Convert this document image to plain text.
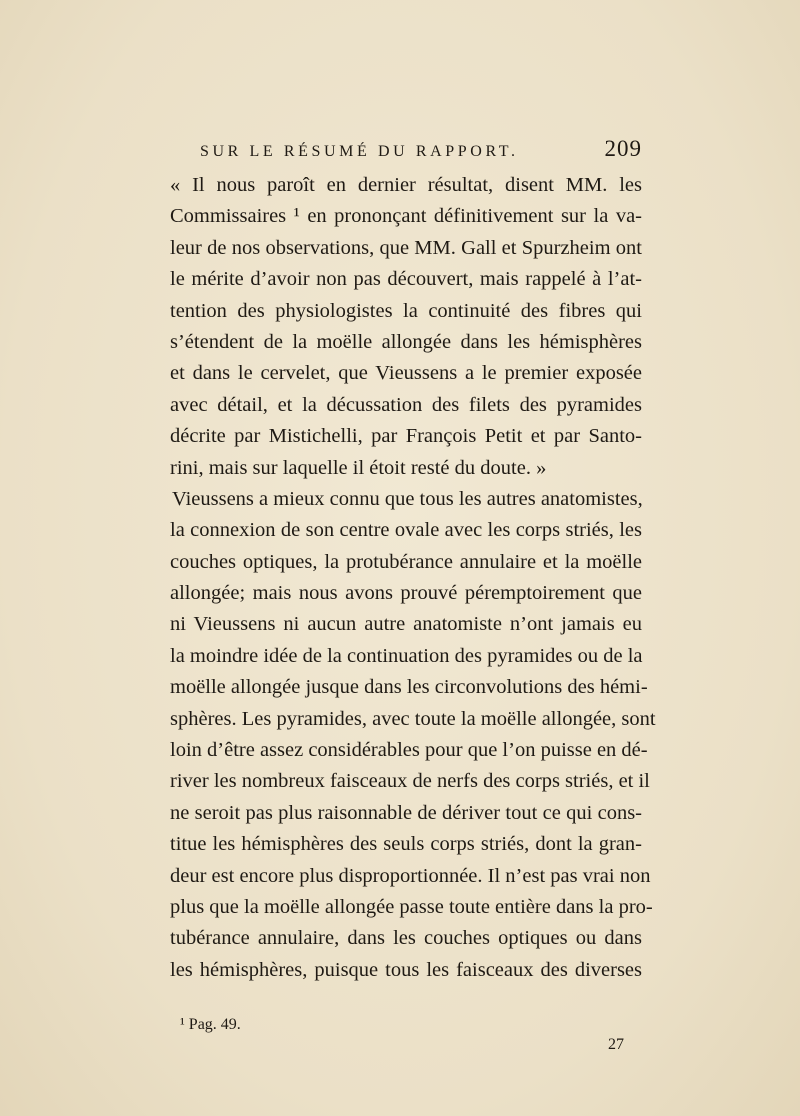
SUR LE RÉSUMÉ DU RAPPORT.	209
« Il nous paroît en dernier résultat, disent MM. les
Commissaires ¹ en prononçant définitivement sur la va-
leur de nos observations, que MM. Gall et Spurzheim ont
le mérite d’avoir non pas découvert, mais rappelé à l’at-
tention des physiologistes la continuité des fibres qui
s’étendent de la moëlle allongée dans les hémisphères
et dans le cervelet, que Vieussens a le premier exposée
avec détail, et la décussation des filets des pyramides
décrite par Mistichelli, par François Petit et par Santo-
rini, mais sur laquelle il étoit resté du doute. »
Vieussens a mieux connu que tous les autres anatomistes,
la connexion de son centre ovale avec les corps striés, les
couches optiques, la protubérance annulaire et la moëlle
allongée; mais nous avons prouvé péremptoirement que
ni Vieussens ni aucun autre anatomiste n’ont jamais eu
la moindre idée de la continuation des pyramides ou de la
moëlle allongée jusque dans les circonvolutions des hémi-
sphères. Les pyramides, avec toute la moëlle allongée, sont
loin d’être assez considérables pour que l’on puisse en dé-
river les nombreux faisceaux de nerfs des corps striés, et il
ne seroit pas plus raisonnable de dériver tout ce qui cons-
titue les hémisphères des seuls corps striés, dont la gran-
deur est encore plus disproportionnée. Il n’est pas vrai non
plus que la moëlle allongée passe toute entière dans la pro-
tubérance annulaire, dans les couches optiques ou dans
les hémisphères, puisque tous les faisceaux des diverses
¹ Pag. 49.
27
